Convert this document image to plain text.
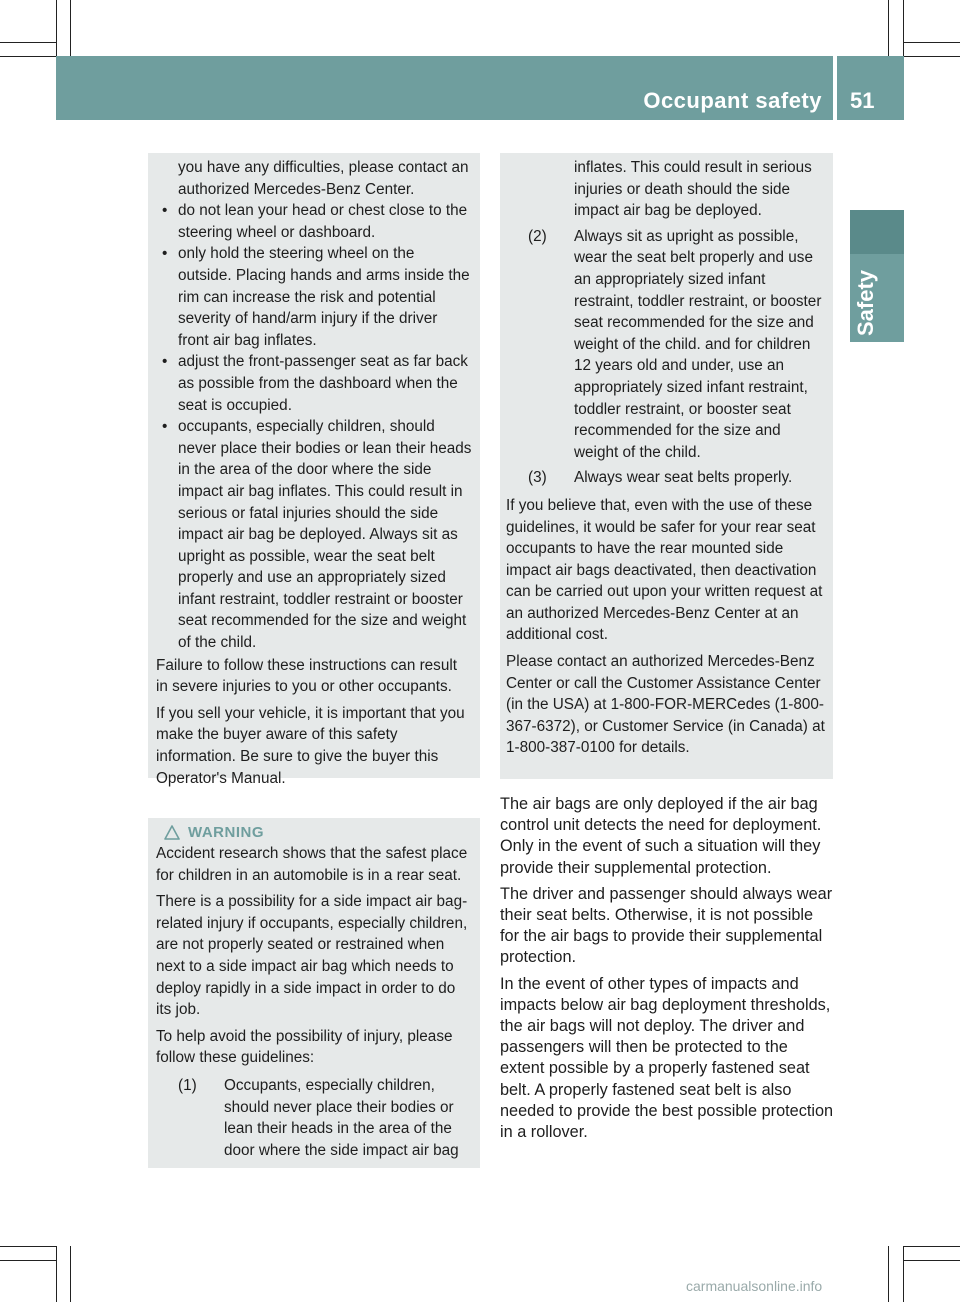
Occupant safety 51
Safety

you have any difficulties, please contact an authorized Mercedes-Benz Center.

• do not lean your head or chest close to the steering wheel or dashboard.

• only hold the steering wheel on the outside. Placing hands and arms inside the rim can increase the risk and potential severity of hand/arm injury if the driver front air bag inflates.

• adjust the front-passenger seat as far back as possible from the dashboard when the seat is occupied.

• occupants, especially children, should never place their bodies or lean their heads in the area of the door where the side impact air bag inflates. This could result in serious or fatal injuries should the side impact air bag be deployed. Always sit as upright as possible, wear the seat belt properly and use an appropriately sized infant restraint, toddler restraint or booster seat recommended for the size and weight of the child.

Failure to follow these instructions can result in severe injuries to you or other occupants.

If you sell your vehicle, it is important that you make the buyer aware of this safety information. Be sure to give the buyer this Operator's Manual.

WARNING

Accident research shows that the safest place for children in an automobile is in a rear seat.

There is a possibility for a side impact air bag-related injury if occupants, especially children, are not properly seated or restrained when next to a side impact air bag which needs to deploy rapidly in a side impact in order to do its job.

To help avoid the possibility of injury, please follow these guidelines:

(1) Occupants, especially children, should never place their bodies or lean their heads in the area of the door where the side impact air bag

inflates. This could result in serious injuries or death should the side impact air bag be deployed.

(2) Always sit as upright as possible, wear the seat belt properly and use an appropriately sized infant restraint, toddler restraint, or booster seat recommended for the size and weight of the child. and for children 12 years old and under, use an appropriately sized infant restraint, toddler restraint, or booster seat recommended for the size and weight of the child.

(3) Always wear seat belts properly.

If you believe that, even with the use of these guidelines, it would be safer for your rear seat occupants to have the rear mounted side impact air bags deactivated, then deactivation can be carried out upon your written request at an authorized Mercedes-Benz Center at an additional cost.

Please contact an authorized Mercedes-Benz Center or call the Customer Assistance Center (in the USA) at 1-800-FOR-MERCedes (1-800-367-6372), or Customer Service (in Canada) at 1-800-387-0100 for details.

The air bags are only deployed if the air bag control unit detects the need for deployment. Only in the event of such a situation will they provide their supplemental protection.

The driver and passenger should always wear their seat belts. Otherwise, it is not possible for the air bags to provide their supplemental protection.

In the event of other types of impacts and impacts below air bag deployment thresholds, the air bags will not deploy. The driver and passengers will then be protected to the extent possible by a properly fastened seat belt. A properly fastened seat belt is also needed to provide the best possible protection in a rollover.

carmanualsonline.info
